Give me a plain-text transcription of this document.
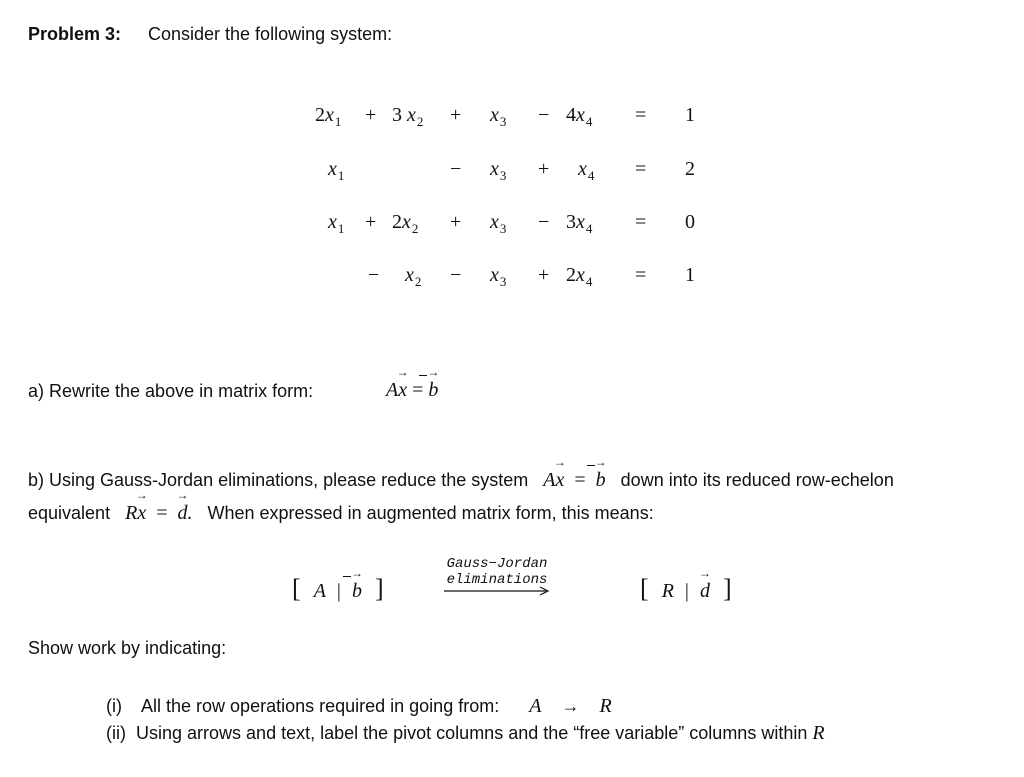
Problem 3: Consider the following system:
$2x_1 + 3$ $x_2 + x_3 - 4x_4 = 1$
$x_1$	− $x_3 + x_4 = 2$
$x_1 + 2x_2 + x_3 - 3x_4 = 0$
− $x_2 - x_3 + 2x_4 = 1$
a) Rewrite the above in matrix form:	Ax → = b →
b) Using Gauss-Jordan eliminations, please reduce the system Ax → = b → down into its reduced row-echelon
equivalent Rx → = d →. When expressed in augmented matrix form, this means:
[ A | b → ]
Gauss−Jordan
eliminations	[ R | d → ]
Show work by indicating:
(i) All the row operations required in going from: A → R
(ii) Using arrows and text, label the pivot columns and the “free variable” columns within R
